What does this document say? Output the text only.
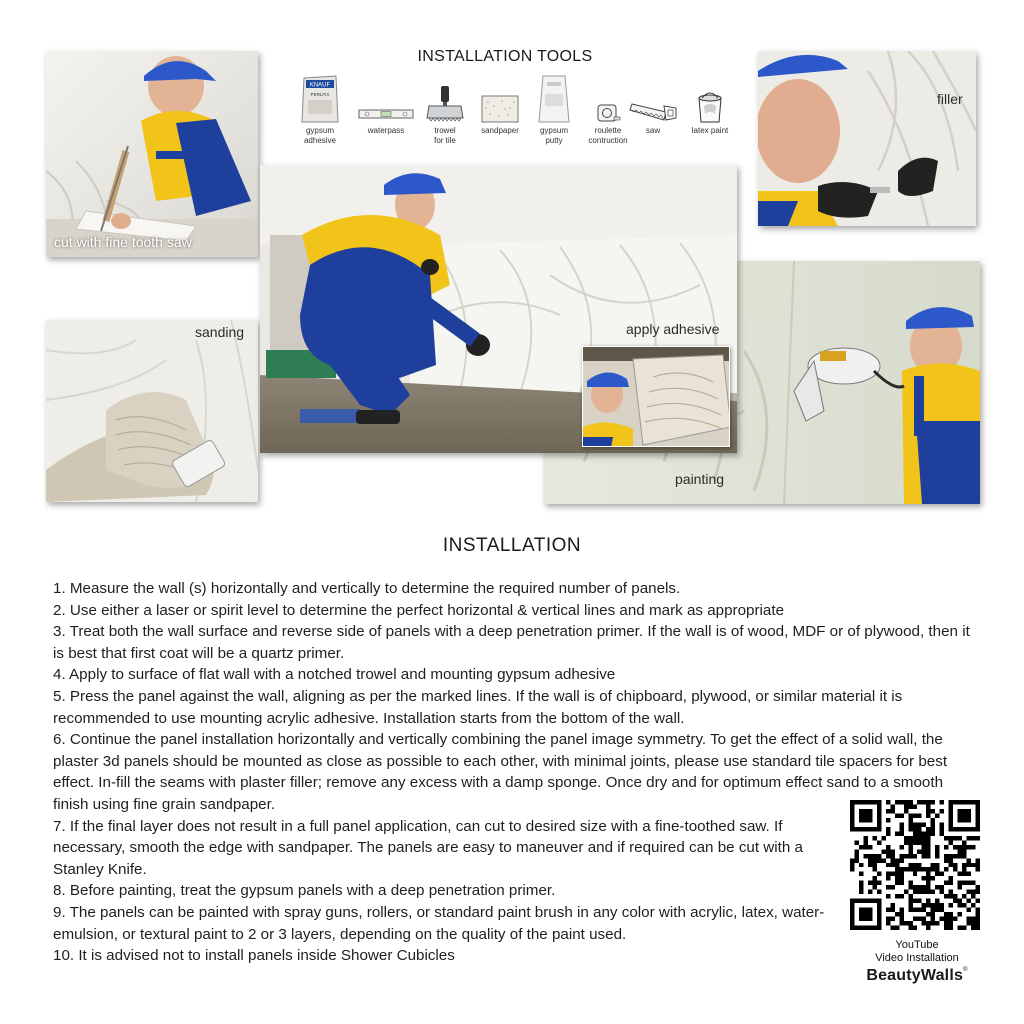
cut with fine tooth saw
INSTALLATION TOOLS
KNAUF
PERLFIX
gypsum adhesive
waterpass	trowel for tile
sandpaper	gypsum putty
roulette contruction
saw	latex paint
filler
sanding
painting
apply adhesive
INSTALLATION

1. Measure the wall (s) horizontally and vertically to determine the required number of panels.

2. Use either a laser or spirit level to determine the perfect horizontal & vertical lines and mark as appropriate

3. Treat both the wall surface and reverse side of panels with a deep penetration primer. If the wall is of wood, MDF or of plywood, then it is best that first coat will be a quartz primer.

4. Apply to surface of flat wall with a notched trowel and mounting gypsum adhesive

5. Press the panel against the wall, aligning as per the marked lines. If the wall is of chipboard, plywood, or similar material it is recommended to use mounting acrylic adhesive. Installation starts from the bottom of the wall.

6. Continue the panel installation horizontally and vertically combining the panel image symmetry. To get the effect of a solid wall, the plaster 3d panels should be mounted as close as possible to each other, with minimal joints, please use standard tile spacers for best effect. In-fill the seams with plaster filler; remove any excess with a damp sponge. Once dry and for optimum effect sand to a smooth finish using fine grain sandpaper.

7. If the final layer does not result in a full panel application, can cut to desired size with a fine-toothed saw. If necessary, smooth the edge with sandpaper. The panels are easy to maneuver and if required can be cut with a Stanley Knife.

8. Before painting, treat the gypsum panels with a deep penetration primer.

9. The panels can be painted with spray guns, rollers, or standard paint brush in any color with acrylic, latex, water-emulsion, or textural paint to 2 or 3 layers, depending on the quality of the paint used.

10. It is advised not to install panels inside Shower Cubicles

YouTube
Video Installation
BeautyWalls®
